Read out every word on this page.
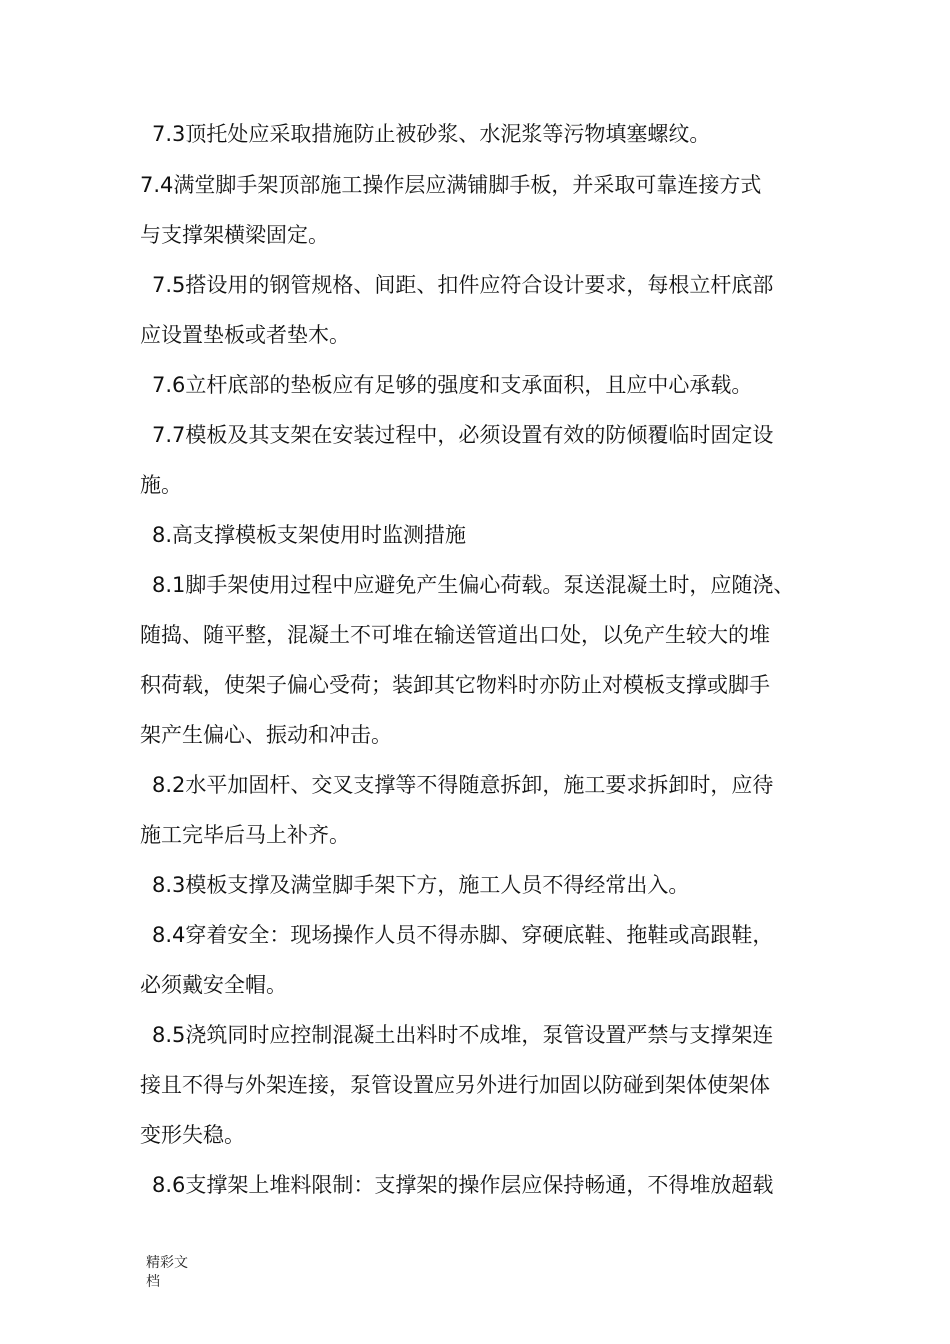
7.3顶托处应采取措施防止被砂浆、水泥浆等污物填塞螺纹。
7.4满堂脚手架顶部施工操作层应满铺脚手板，并采取可靠连接方式
与支撑架横梁固定。
7.5搭设用的钢管规格、间距、扣件应符合设计要求，每根立杆底部
应设置垫板或者垫木。
7.6立杆底部的垫板应有足够的强度和支承面积，且应中心承载。
7.7模板及其支架在安装过程中，必须设置有效的防倾覆临时固定设
施。
8.高支撑模板支架使用时监测措施
8.1脚手架使用过程中应避免产生偏心荷载。泵送混凝土时，应随浇、
随捣、随平整，混凝土不可堆在输送管道出口处，以免产生较大的堆
积荷载，使架子偏心受荷；装卸其它物料时亦防止对模板支撑或脚手
架产生偏心、振动和冲击。
8.2水平加固杆、交叉支撑等不得随意拆卸，施工要求拆卸时，应待
施工完毕后马上补齐。
8.3模板支撑及满堂脚手架下方，施工人员不得经常出入。
8.4穿着安全：现场操作人员不得赤脚、穿硬底鞋、拖鞋或高跟鞋，
必须戴安全帽。
8.5浇筑同时应控制混凝土出料时不成堆，泵管设置严禁与支撑架连
接且不得与外架连接，泵管设置应另外进行加固以防碰到架体使架体
变形失稳。
8.6支撑架上堆料限制：支撑架的操作层应保持畅通，不得堆放超载
精彩文
档
